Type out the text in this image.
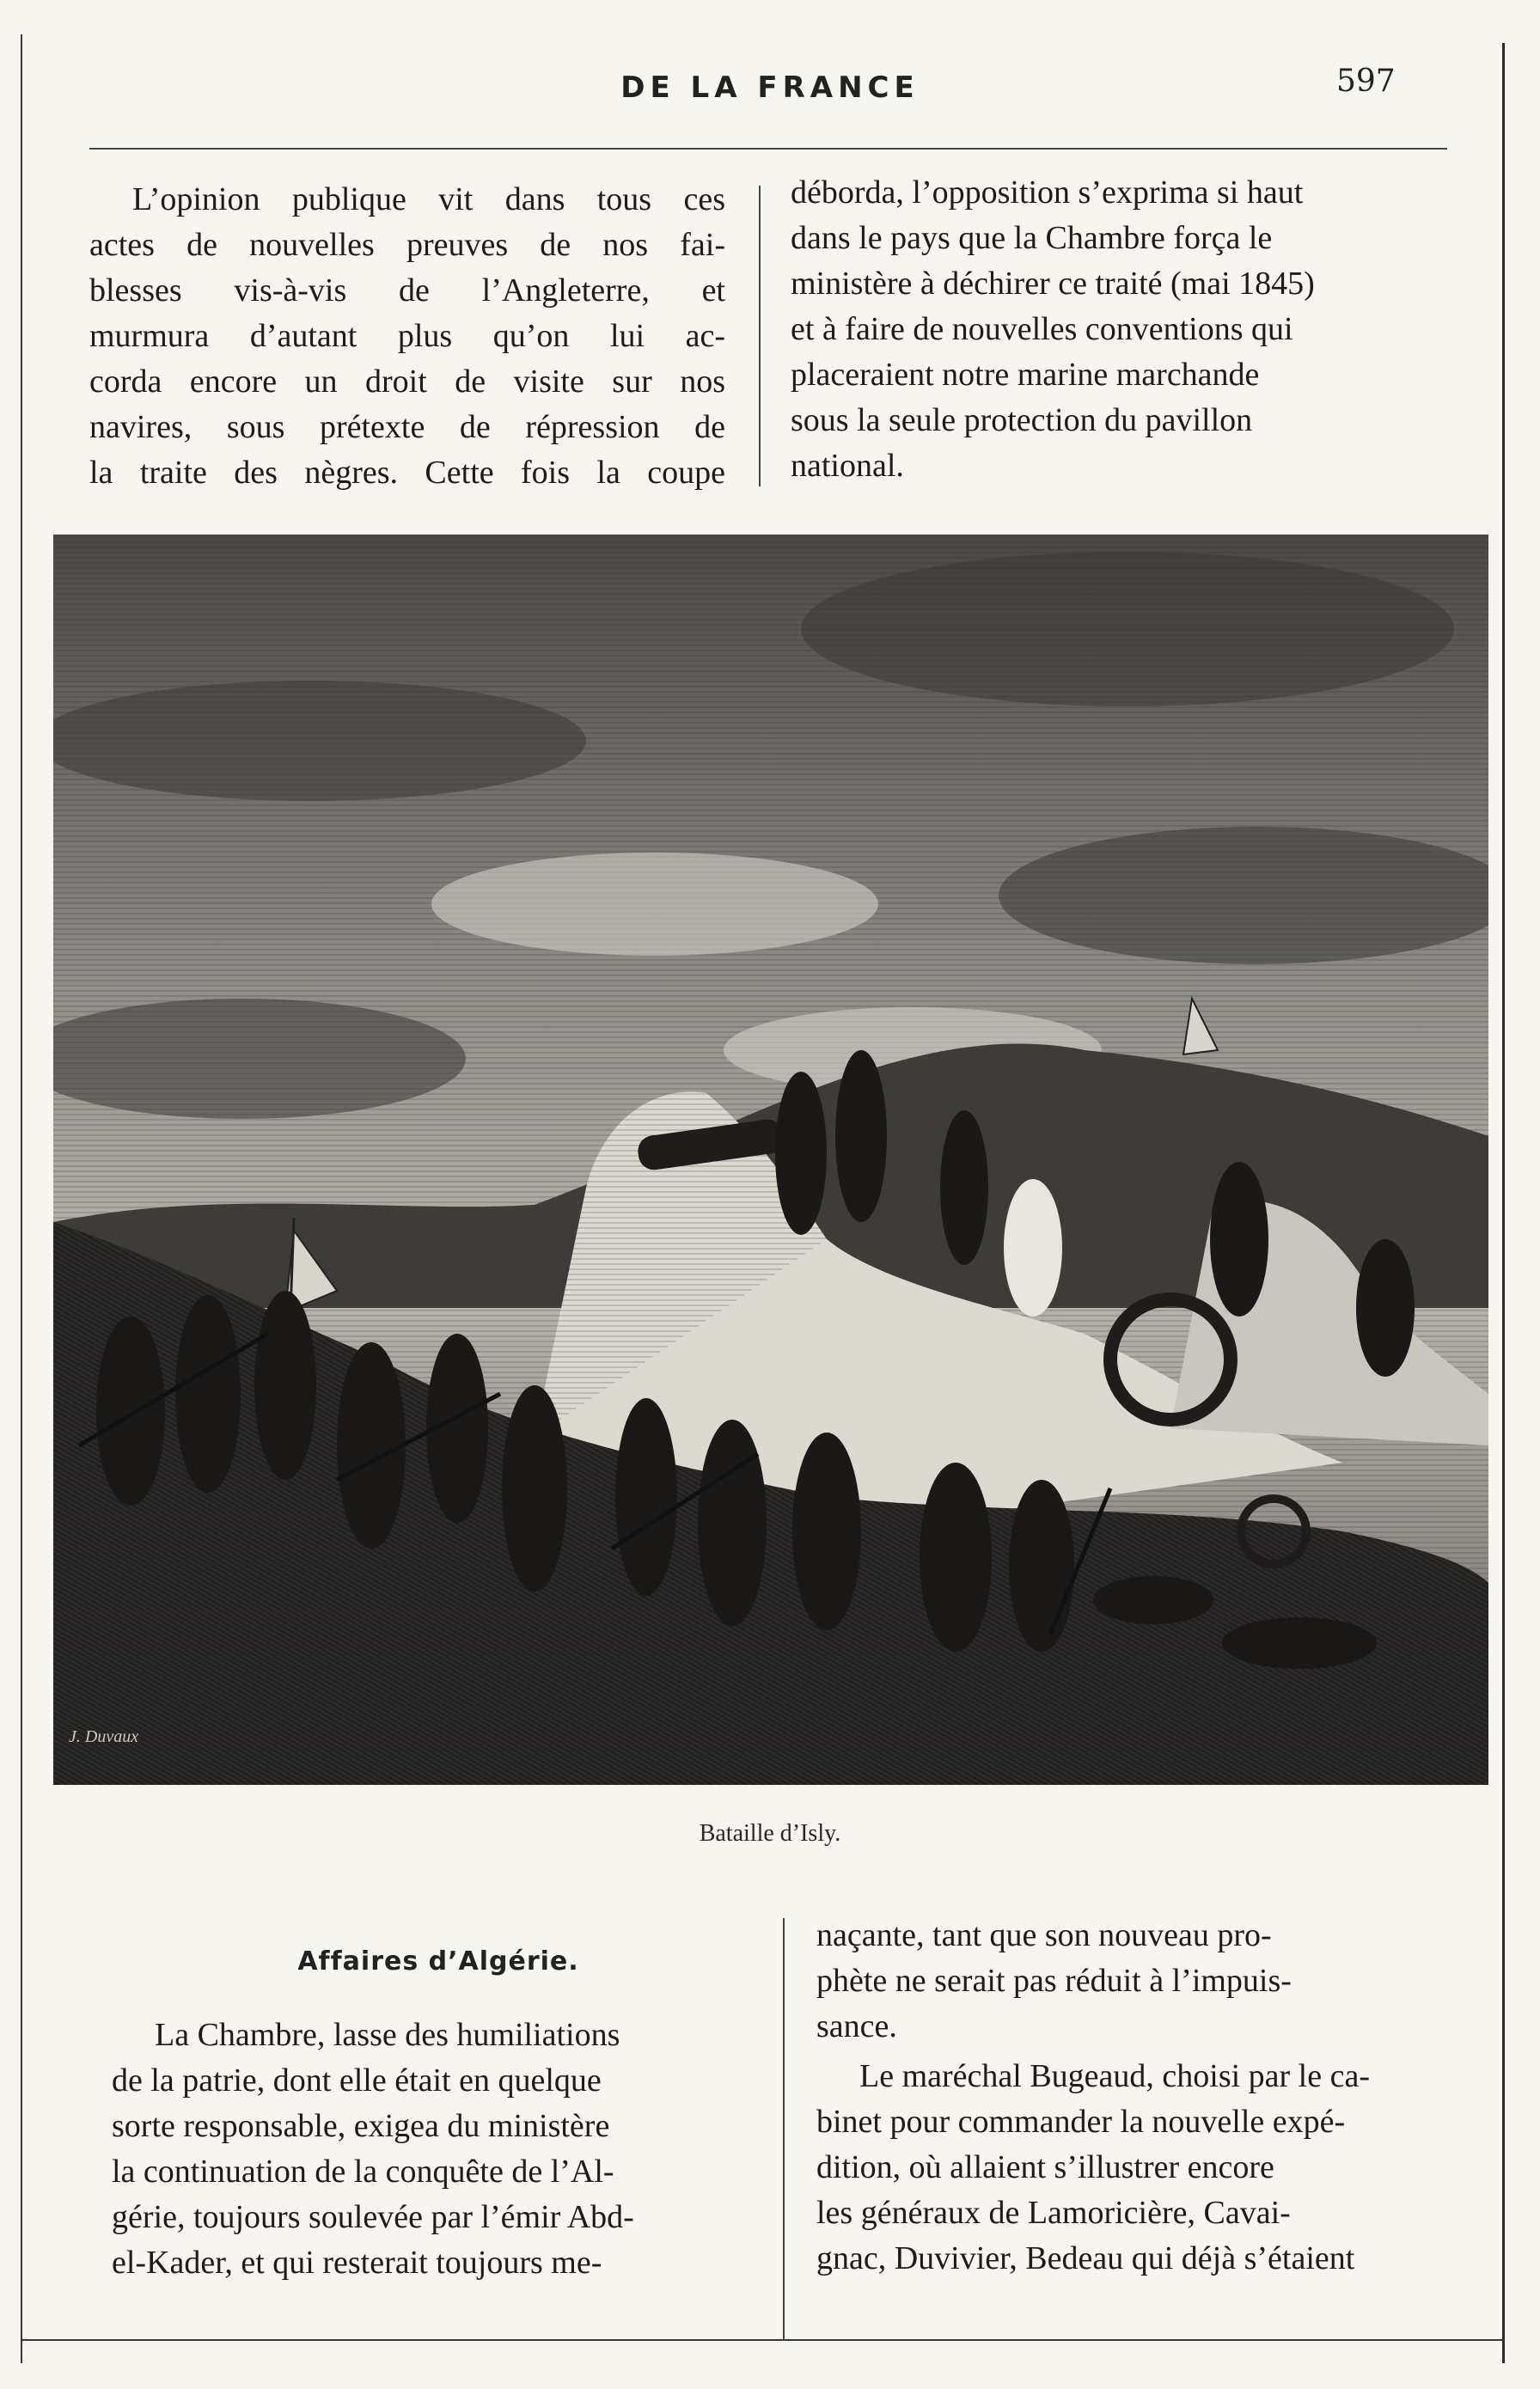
DE LA FRANCE	597
L’opinion publique vit dans tous ces
actes de nouvelles preuves de nos fai-
blesses vis-à-vis de l’Angleterre, et
murmura d’autant plus qu’on lui ac-
corda encore un droit de visite sur nos
navires, sous prétexte de répression de
la traite des nègres. Cette fois la coupe
déborda, l’opposition s’exprima si haut
dans le pays que la Chambre força le
ministère à déchirer ce traité (mai 1845)
et à faire de nouvelles conventions qui
placeraient notre marine marchande
sous la seule protection du pavillon
national.
J. Duvaux
Bataille d’Isly.
Affaires d’Algérie.
La Chambre, lasse des humiliations
de la patrie, dont elle était en quelque
sorte responsable, exigea du ministère
la continuation de la conquête de l’Al-
gérie, toujours soulevée par l’émir Abd-
el-Kader, et qui resterait toujours me-
naçante, tant que son nouveau pro-
phète ne serait pas réduit à l’impuis-
sance.
Le maréchal Bugeaud, choisi par le ca-
binet pour commander la nouvelle expé-
dition, où allaient s’illustrer encore
les généraux de Lamoricière, Cavai-
gnac, Duvivier, Bedeau qui déjà s’étaient
